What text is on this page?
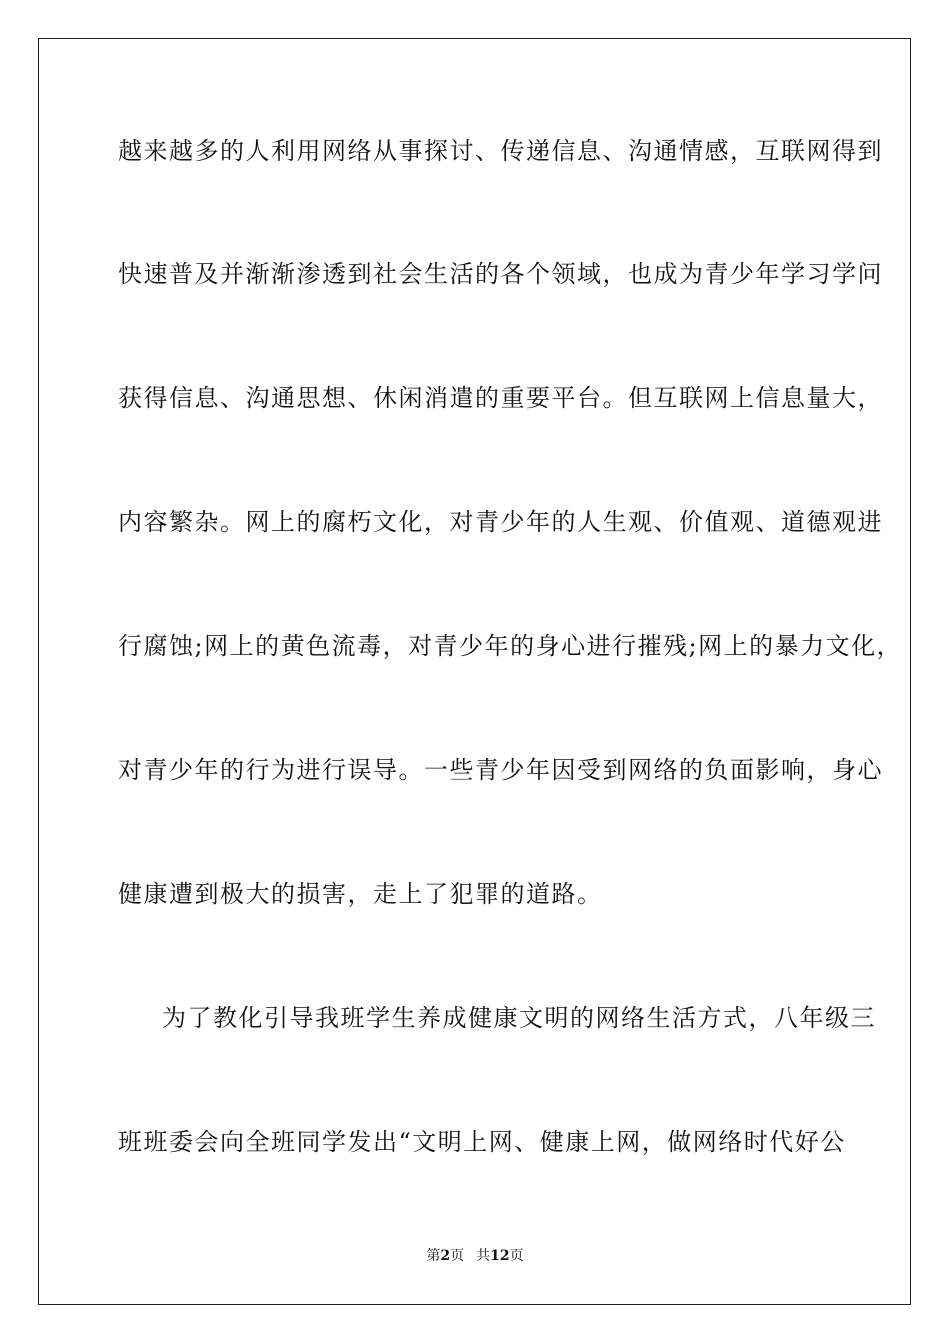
越来越多的人利用网络从事探讨、传递信息、沟通情感，互联网得到
快速普及并渐渐渗透到社会生活的各个领域，也成为青少年学习学问
获得信息、沟通思想、休闲消遣的重要平台。但互联网上信息量大，
内容繁杂。网上的腐朽文化，对青少年的人生观、价值观、道德观进
行腐蚀;网上的黄色流毒，对青少年的身心进行摧残;网上的暴力文化，
对青少年的行为进行误导。一些青少年因受到网络的负面影响，身心
健康遭到极大的损害，走上了犯罪的道路。
为了教化引导我班学生养成健康文明的网络生活方式，八年级三
班班委会向全班同学发出“文明上网、健康上网，做网络时代好公
第2页 共12页
